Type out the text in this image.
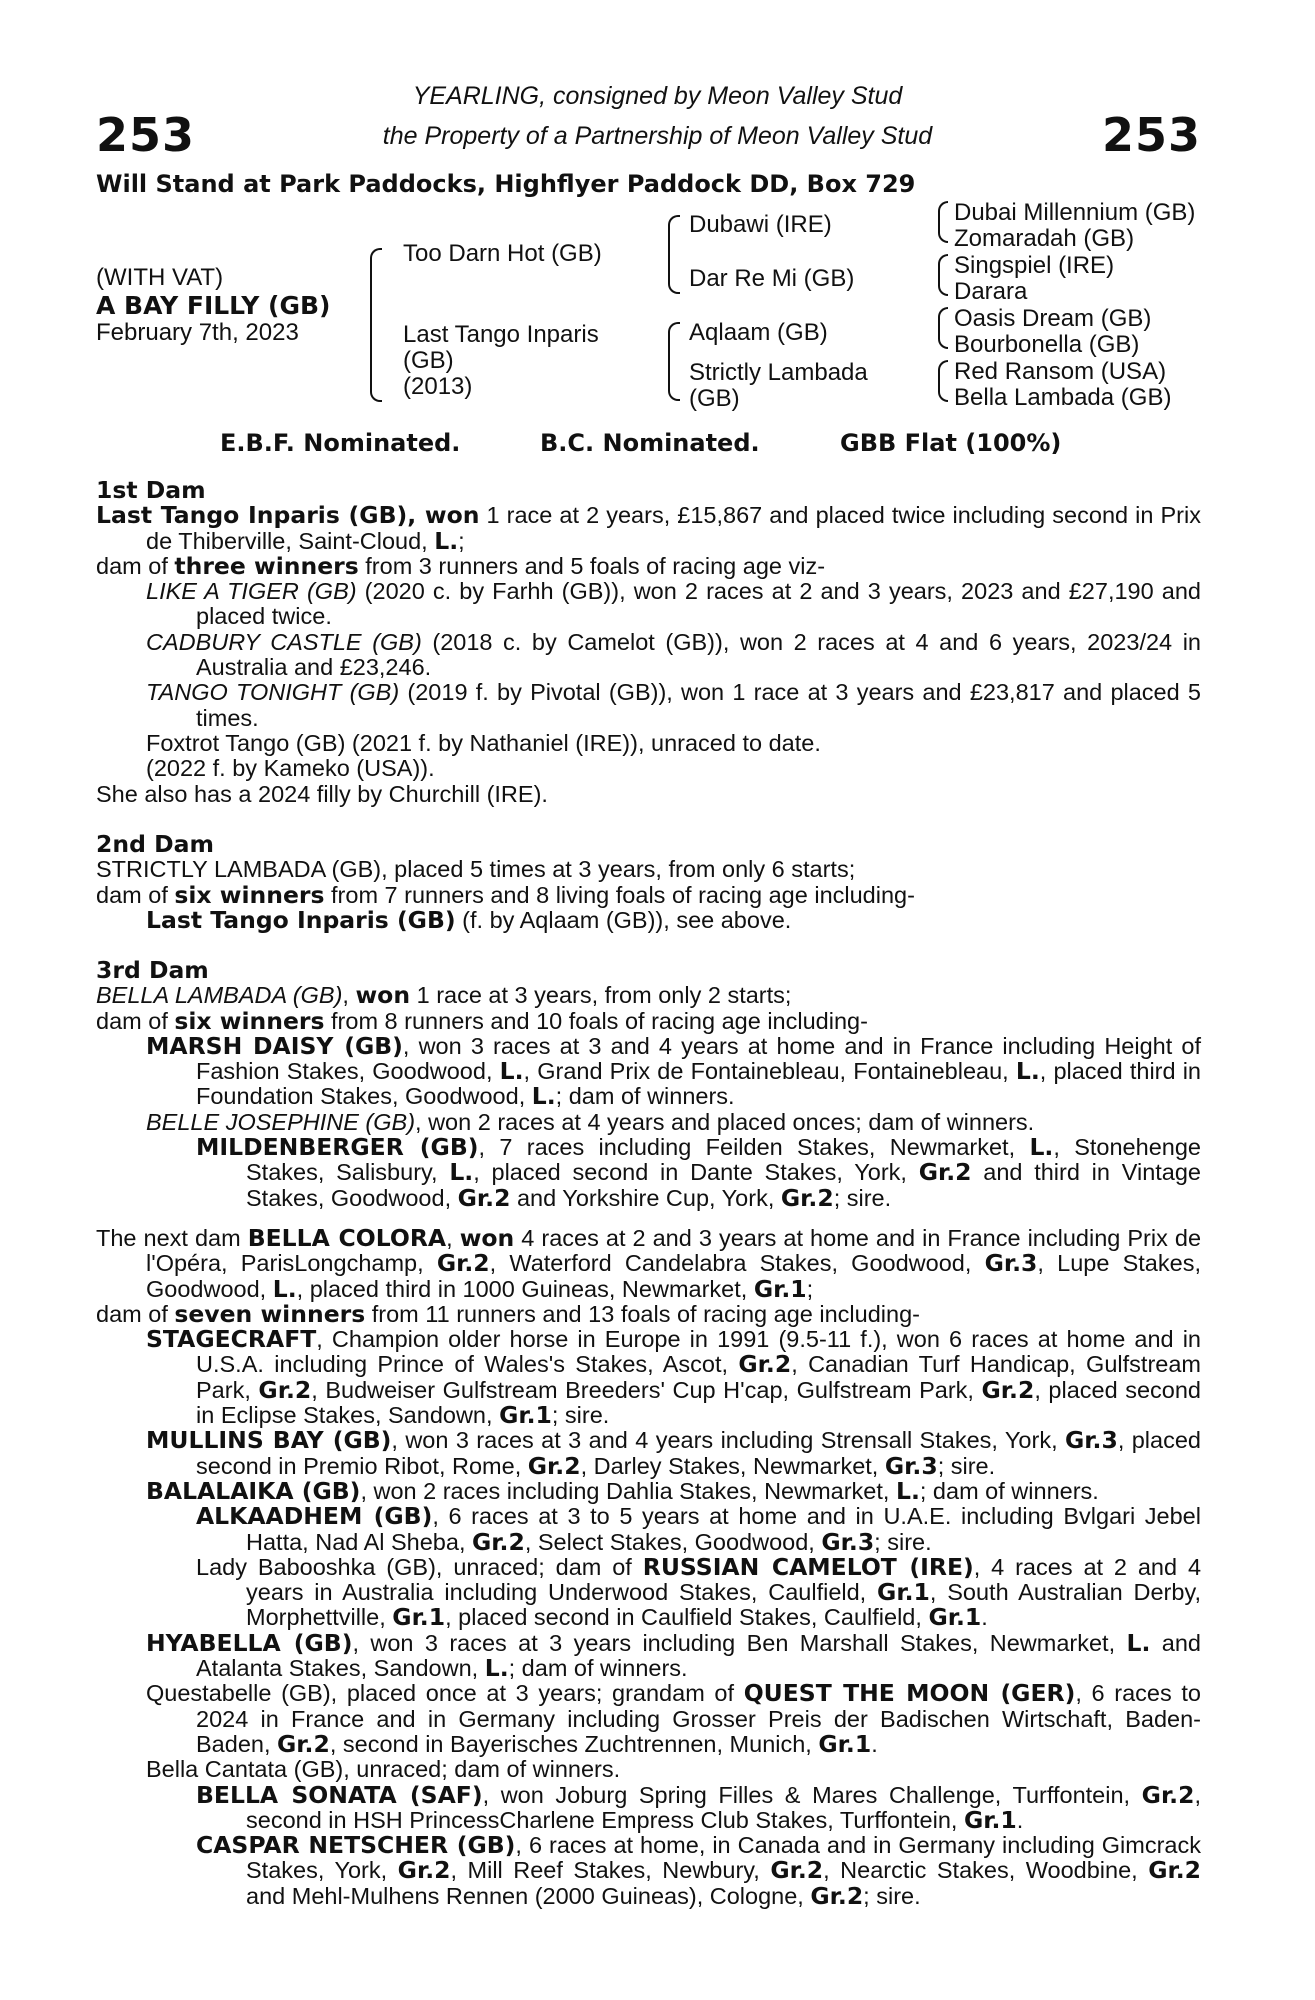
253	253
YEARLING, consigned by Meon Valley Stud
the Property of a Partnership of Meon Valley Stud
Will Stand at Park Paddocks, Highflyer Paddock DD, Box 729
(WITH VAT)
A BAY FILLY (GB)
February 7th, 2023
Too Darn Hot (GB)
Last Tango Inparis
(GB)
(2013)
Dubawi (IRE)
Dar Re Mi (GB)
Aqlaam (GB)
Strictly Lambada
(GB)
Dubai Millennium (GB)
Zomaradah (GB)
Singspiel (IRE)
Darara
Oasis Dream (GB)
Bourbonella (GB)
Red Ransom (USA)
Bella Lambada (GB)
E.B.F. Nominated.	B.C. Nominated.	GBB Flat (100%)
1st Dam
Last Tango Inparis (GB), won 1 race at 2 years, £15,867 and placed twice including second in Prix de Thiberville, Saint-Cloud, L.;
dam of three winners from 3 runners and 5 foals of racing age viz-
LIKE A TIGER (GB) (2020 c. by Farhh (GB)), won 2 races at 2 and 3 years, 2023 and £27,190 and placed twice.
CADBURY CASTLE (GB) (2018 c. by Camelot (GB)), won 2 races at 4 and 6 years, 2023/24 in Australia and £23,246.
TANGO TONIGHT (GB) (2019 f. by Pivotal (GB)), won 1 race at 3 years and £23,817 and placed 5 times.
Foxtrot Tango (GB) (2021 f. by Nathaniel (IRE)), unraced to date.
(2022 f. by Kameko (USA)).
She also has a 2024 filly by Churchill (IRE).
2nd Dam
STRICTLY LAMBADA (GB), placed 5 times at 3 years, from only 6 starts;
dam of six winners from 7 runners and 8 living foals of racing age including-
Last Tango Inparis (GB) (f. by Aqlaam (GB)), see above.
3rd Dam
BELLA LAMBADA (GB), won 1 race at 3 years, from only 2 starts;
dam of six winners from 8 runners and 10 foals of racing age including-
MARSH DAISY (GB), won 3 races at 3 and 4 years at home and in France including Height of Fashion Stakes, Goodwood, L., Grand Prix de Fontainebleau, Fontainebleau, L., placed third in Foundation Stakes, Goodwood, L.; dam of winners.
BELLE JOSEPHINE (GB), won 2 races at 4 years and placed onces; dam of winners.
MILDENBERGER (GB), 7 races including Feilden Stakes, Newmarket, L., Stonehenge Stakes, Salisbury, L., placed second in Dante Stakes, York, Gr.2 and third in Vintage Stakes, Goodwood, Gr.2 and Yorkshire Cup, York, Gr.2; sire.
The next dam BELLA COLORA, won 4 races at 2 and 3 years at home and in France including Prix de l'Opéra, ParisLongchamp, Gr.2, Waterford Candelabra Stakes, Goodwood, Gr.3, Lupe Stakes, Goodwood, L., placed third in 1000 Guineas, Newmarket, Gr.1;
dam of seven winners from 11 runners and 13 foals of racing age including-
STAGECRAFT, Champion older horse in Europe in 1991 (9.5-11 f.), won 6 races at home and in U.S.A. including Prince of Wales's Stakes, Ascot, Gr.2, Canadian Turf Handicap, Gulfstream Park, Gr.2, Budweiser Gulfstream Breeders' Cup H'cap, Gulfstream Park, Gr.2, placed second in Eclipse Stakes, Sandown, Gr.1; sire.
MULLINS BAY (GB), won 3 races at 3 and 4 years including Strensall Stakes, York, Gr.3, placed second in Premio Ribot, Rome, Gr.2, Darley Stakes, Newmarket, Gr.3; sire.
BALALAIKA (GB), won 2 races including Dahlia Stakes, Newmarket, L.; dam of winners.
ALKAADHEM (GB), 6 races at 3 to 5 years at home and in U.A.E. including Bvlgari Jebel Hatta, Nad Al Sheba, Gr.2, Select Stakes, Goodwood, Gr.3; sire.
Lady Babooshka (GB), unraced; dam of RUSSIAN CAMELOT (IRE), 4 races at 2 and 4 years in Australia including Underwood Stakes, Caulfield, Gr.1, South Australian Derby, Morphettville, Gr.1, placed second in Caulfield Stakes, Caulfield, Gr.1.
HYABELLA (GB), won 3 races at 3 years including Ben Marshall Stakes, Newmarket, L. and Atalanta Stakes, Sandown, L.; dam of winners.
Questabelle (GB), placed once at 3 years; grandam of QUEST THE MOON (GER), 6 races to 2024 in France and in Germany including Grosser Preis der Badischen Wirtschaft, Baden-Baden, Gr.2, second in Bayerisches Zuchtrennen, Munich, Gr.1.
Bella Cantata (GB), unraced; dam of winners.
BELLA SONATA (SAF), won Joburg Spring Filles & Mares Challenge, Turffontein, Gr.2, second in HSH PrincessCharlene Empress Club Stakes, Turffontein, Gr.1.
CASPAR NETSCHER (GB), 6 races at home, in Canada and in Germany including Gimcrack Stakes, York, Gr.2, Mill Reef Stakes, Newbury, Gr.2, Nearctic Stakes, Woodbine, Gr.2 and Mehl-Mulhens Rennen (2000 Guineas), Cologne, Gr.2; sire.
